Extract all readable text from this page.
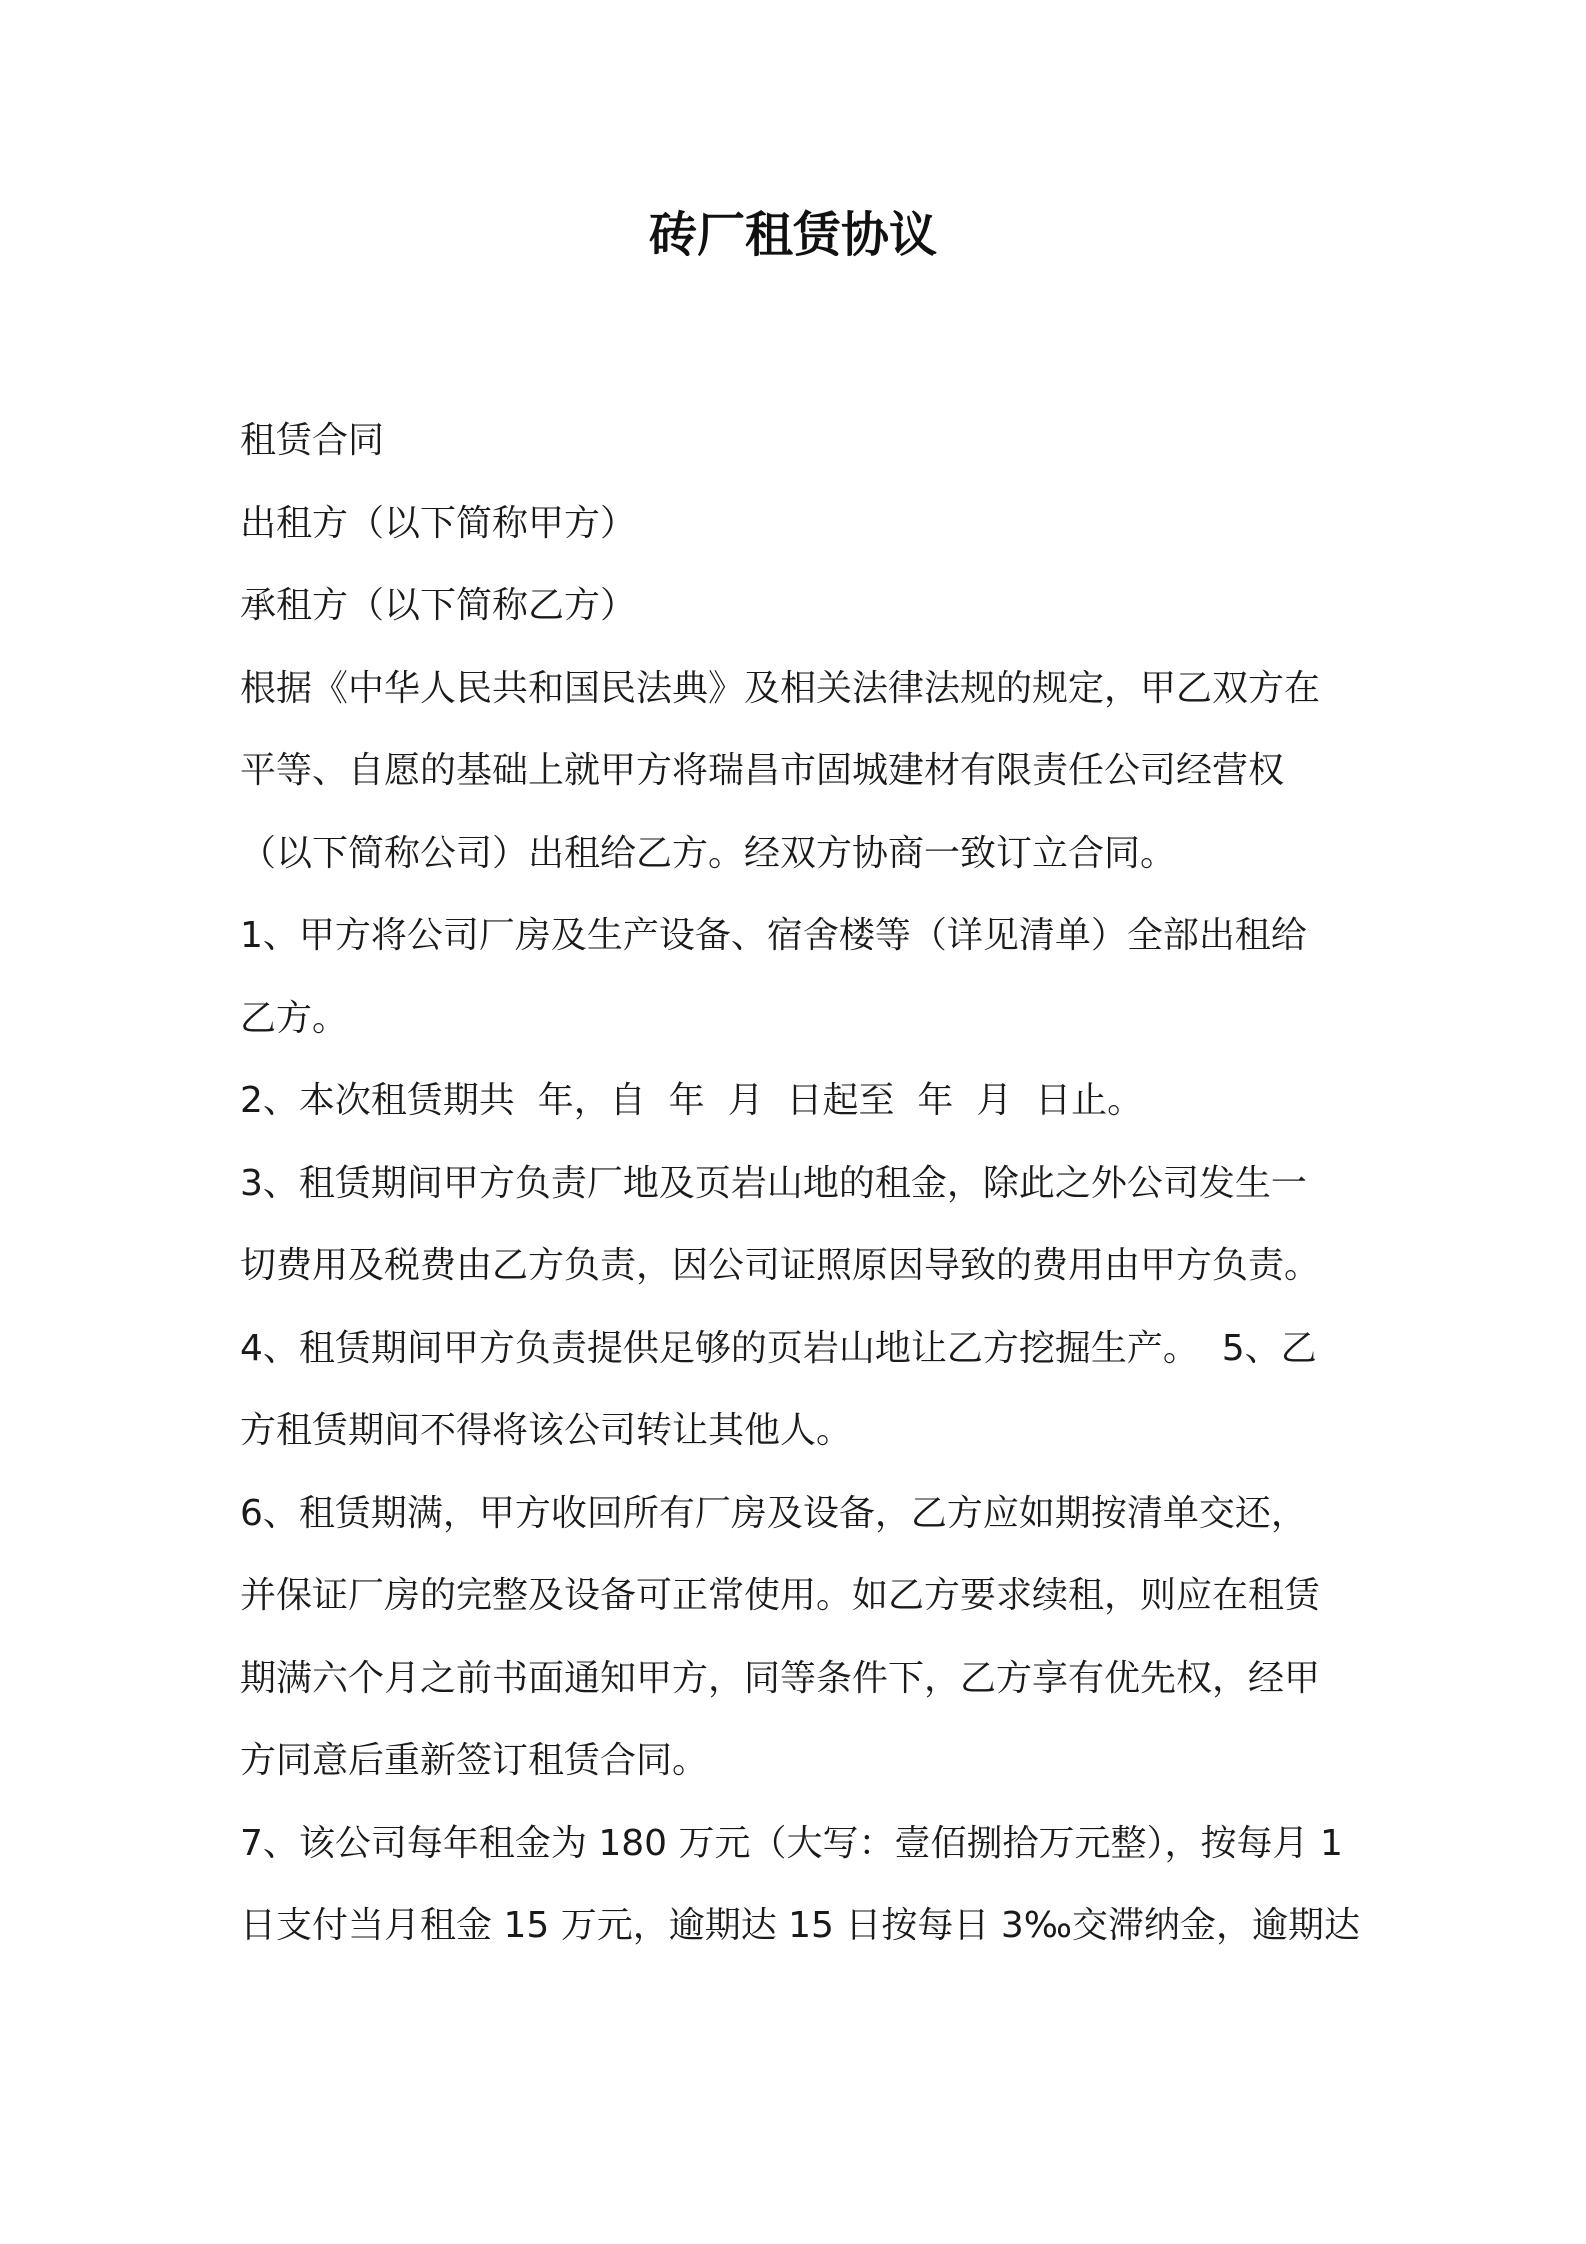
砖厂租赁协议
租赁合同
出租方（以下简称甲方）
承租方（以下简称乙方）
根据《中华人民共和国民法典》及相关法律法规的规定，甲乙双方在
平等、自愿的基础上就甲方将瑞昌市固城建材有限责任公司经营权
（以下简称公司）出租给乙方。经双方协商一致订立合同。
1、甲方将公司厂房及生产设备、宿舍楼等（详见清单）全部出租给
乙方。
2、本次租赁期共  年，自  年  月  日起至  年  月  日止。
3、租赁期间甲方负责厂地及页岩山地的租金，除此之外公司发生一
切费用及税费由乙方负责，因公司证照原因导致的费用由甲方负责。
4、租赁期间甲方负责提供足够的页岩山地让乙方挖掘生产。  5、乙
方租赁期间不得将该公司转让其他人。
6、租赁期满，甲方收回所有厂房及设备，乙方应如期按清单交还，
并保证厂房的完整及设备可正常使用。如乙方要求续租，则应在租赁
期满六个月之前书面通知甲方，同等条件下，乙方享有优先权，经甲
方同意后重新签订租赁合同。
7、该公司每年租金为 180 万元（大写：壹佰捌拾万元整），按每月 1
日支付当月租金 15 万元，逾期达 15 日按每日 3‰交滞纳金，逾期达
